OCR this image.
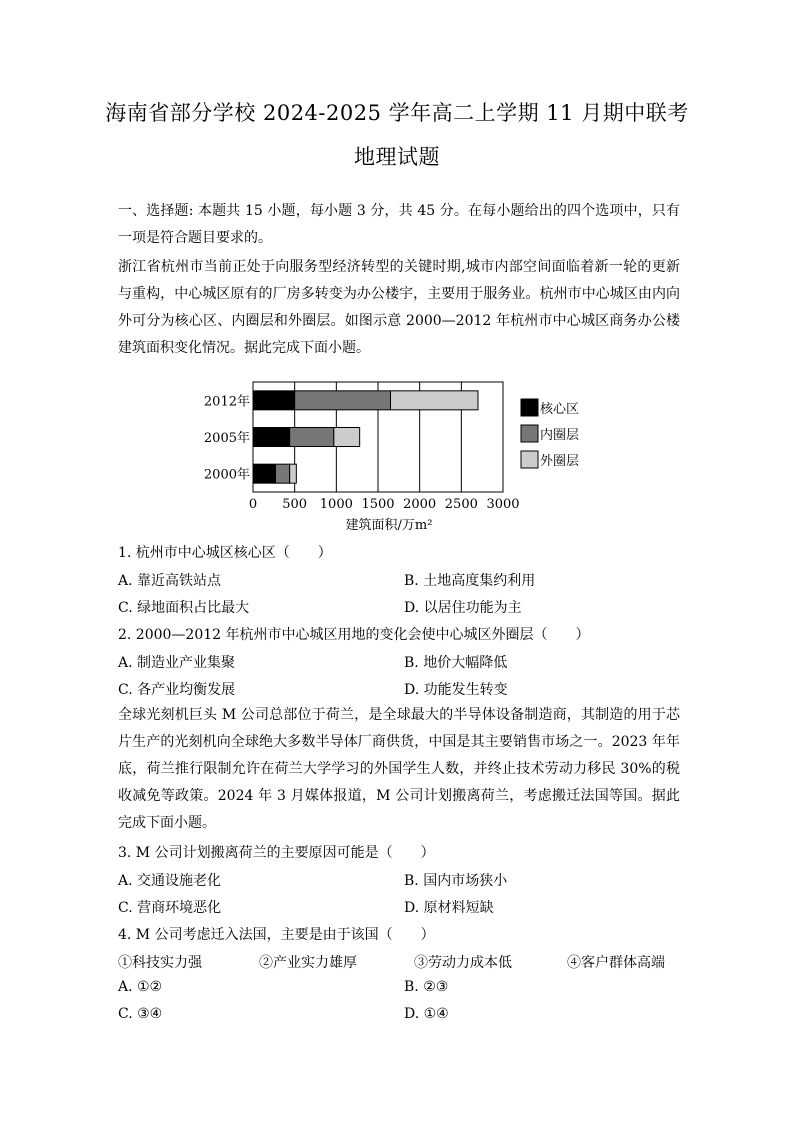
海南省部分学校 2024-2025 学年高二上学期 11 月期中联考
地理试题

一、选择题: 本题共 15 小题，每小题 3 分，共 45 分。在每小题给出的四个选项中，只有一项是符合题目要求的。

浙江省杭州市当前正处于向服务型经济转型的关键时期,城市内部空间面临着新一轮的更新与重构，中心城区原有的厂房多转变为办公楼宇，主要用于服务业。杭州市中心城区由内向外可分为核心区、内圈层和外圈层。如图示意 2000—2012 年杭州市中心城区商务办公楼建筑面积变化情况。据此完成下面小题。

2012年
2005年
2000年
0 500 1000 1500 2000 2500 3000
建筑面积/万m²
核心区
内圈层
外圈层
1. 杭州市中心城区核心区（　　）
A. 靠近高铁站点	B. 土地高度集约利用
C. 绿地面积占比最大	D. 以居住功能为主
2. 2000—2012 年杭州市中心城区用地的变化会使中心城区外圈层（　　）
A. 制造业产业集聚	B. 地价大幅降低
C. 各产业均衡发展	D. 功能发生转变

全球光刻机巨头 M 公司总部位于荷兰，是全球最大的半导体设备制造商，其制造的用于芯片生产的光刻机向全球绝大多数半导体厂商供货，中国是其主要销售市场之一。2023 年年底，荷兰推行限制允许在荷兰大学学习的外国学生人数，并终止技术劳动力移民 30%的税收减免等政策。2024 年 3 月媒体报道，M 公司计划搬离荷兰，考虑搬迁法国等国。据此完成下面小题。

3. M 公司计划搬离荷兰的主要原因可能是（　　）
A. 交通设施老化	B. 国内市场狭小
C. 营商环境恶化	D. 原材料短缺
4. M 公司考虑迁入法国，主要是由于该国（　　）
①科技实力强	②产业实力雄厚	③劳动力成本低	④客户群体高端
A. ①②	B. ②③
C. ③④	D. ①④
